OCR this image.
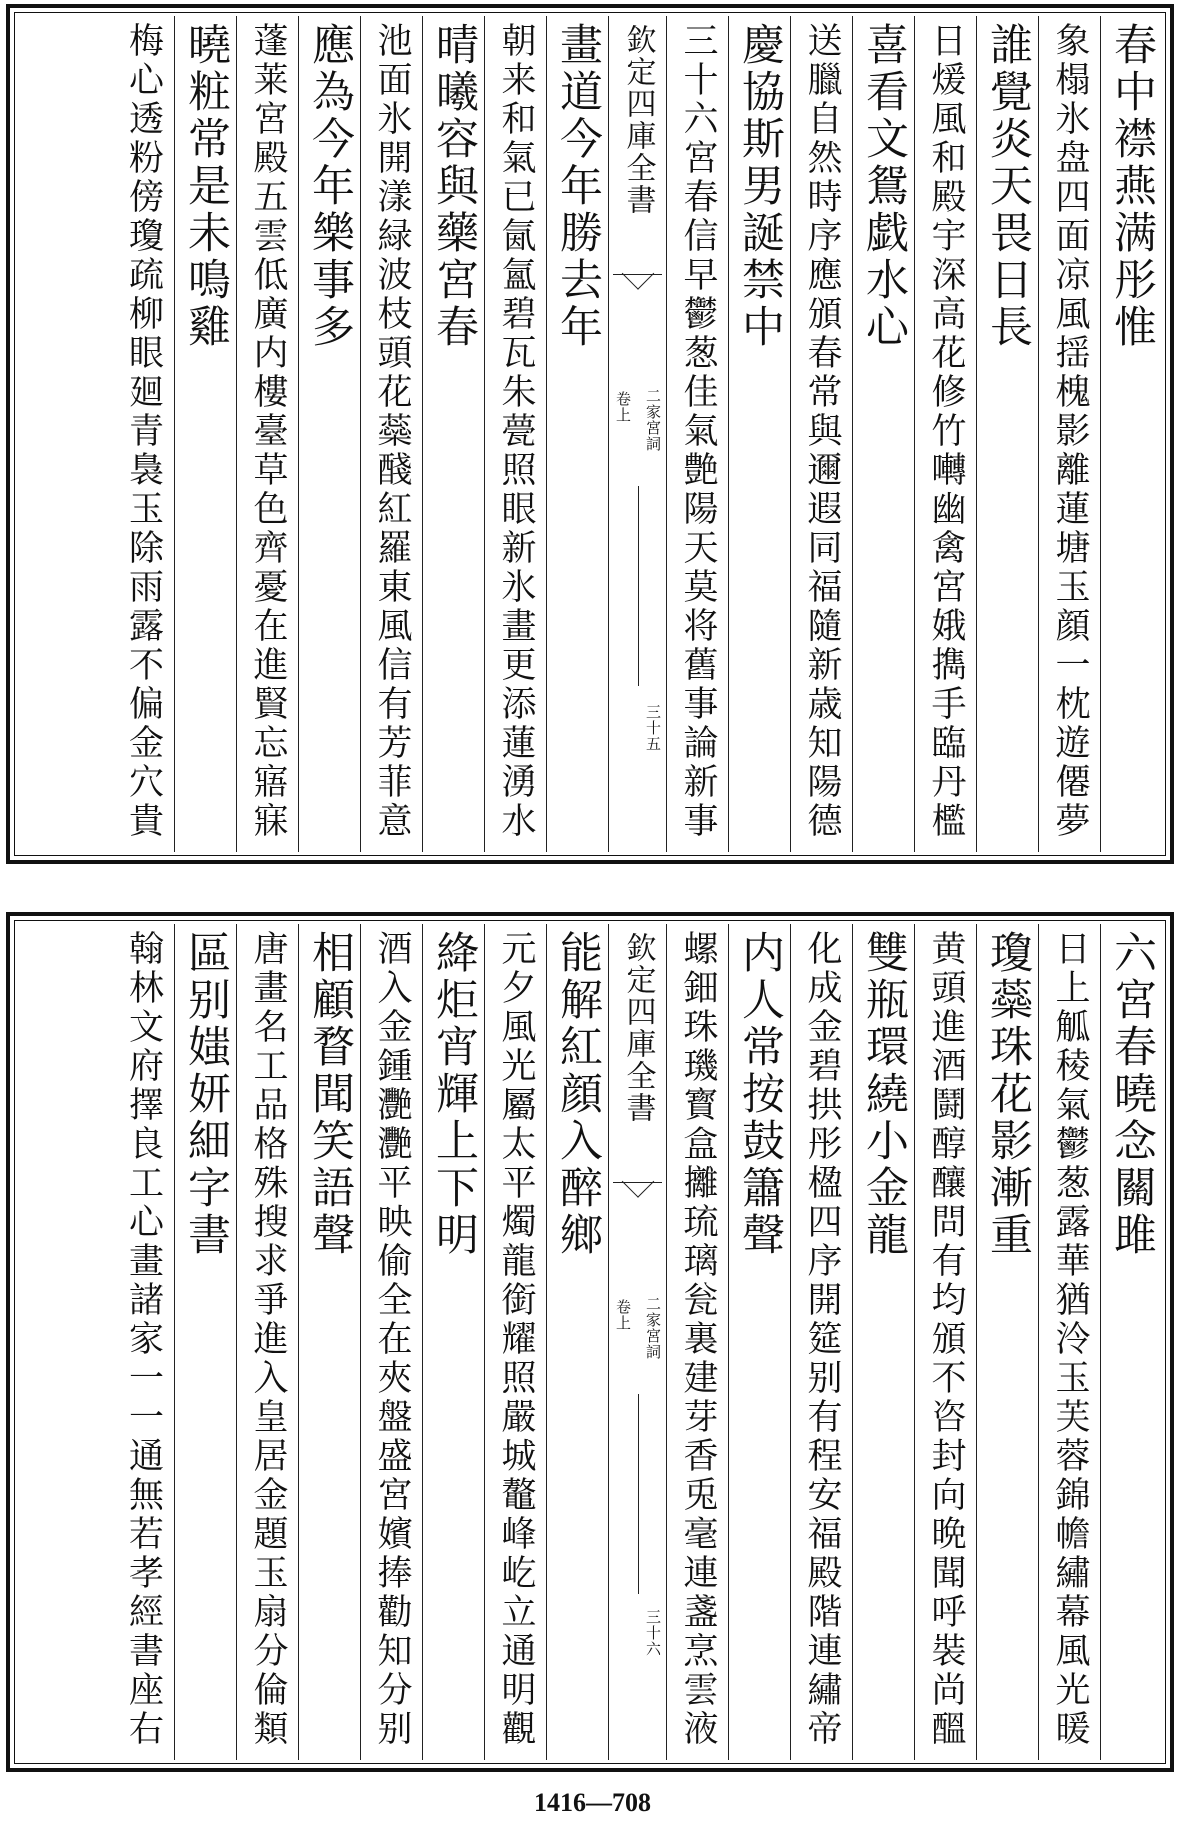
春中襟燕满彤惟
象榻氷盘四面凉風揺槐影離蓮塘玉顔一枕遊僊夢
誰覺炎天畏日長
日煖風和殿宇深高花修竹囀幽禽宮娥擕手臨丹檻
喜看文鴛戯水心
送臘自然時序應頒春常與邇遐同福隨新歳知陽德
慶協斯男誕禁中
三十六宮春信早鬱葱佳氣艶陽天莫将舊事論新事
欽定四庫全書
二家宮詞
卷上
三十五
畫道今年勝去年
朝来和氣已氤氳碧瓦朱甍照眼新氷畫更添蓮湧水
晴曦容與藥宮春
池面氷開漾緑波枝頭花蘂醆紅羅東風信有芳菲意
應為今年樂事多
蓬莱宮殿五雲低廣内樓臺草色齊憂在進賢忘寤寐
曉粧常是未鳴雞
梅心透粉傍瓊疏柳眼廻青裊玉除雨露不偏金穴貴
六宮春曉念關雎
日上觚稜氣鬱葱露華猶泠玉芙蓉錦幨繡幕風光暖
瓊蘂珠花影漸重
黄頭進酒鬪醇釀問有均頒不咨封向晩聞呼裝尚醞
雙瓶環繞小金龍
化成金碧拱彤楹四序開筵别有程安福殿階連繡帝
内人常按鼓簫聲
螺鈿珠璣寳盒攡琉璃瓮裏建芽香兎毫連盞烹雲液
欽定四庫全書
二家宮詞
卷上
三十六
能解紅顔入醉鄉
元夕風光屬太平燭龍銜耀照嚴城鼇峰屹立通明觀
絳炬宵輝上下明
酒入金鍾灧灧平映偷全在夾盤盛宮嬪捧勸知分别
相顧瞀聞笑語聲
唐畫名工品格殊搜求爭進入皇居金題玉扇分倫類
區别媸妍細字書
翰林文府擇良工心畫諸家一一通無若孝經書座右
1416—708
